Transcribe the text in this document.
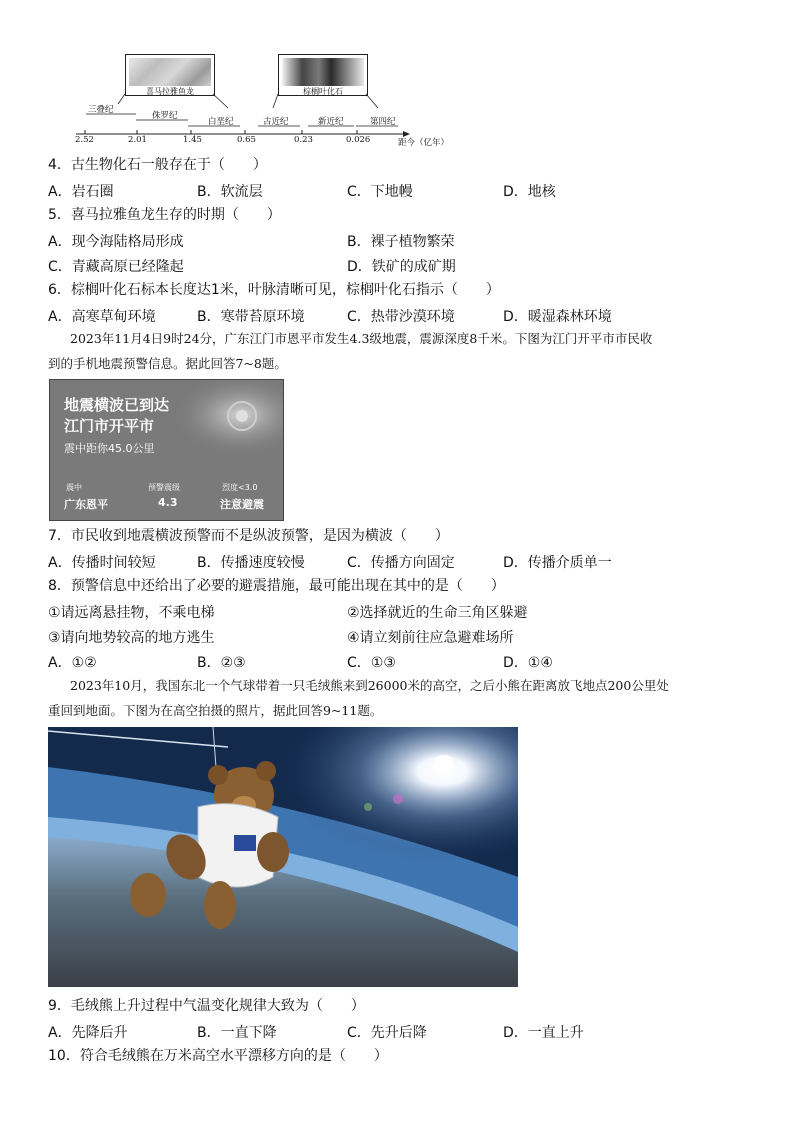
喜马拉雅鱼龙	棕榈叶化石
三叠纪
侏罗纪
白垩纪	古近纪	新近纪	第四纪
2.52	2.01	1.45	0.65	0.23	0.026	距今（亿年）
4．古生物化石一般存在于（　　）
A．岩石圈	B．软流层	C．下地幔	D．地核
5．喜马拉雅鱼龙生存的时期（　　）
A．现今海陆格局形成	B．裸子植物繁荣
C．青藏高原已经隆起	D．铁矿的成矿期
6．棕榈叶化石标本长度达1米，叶脉清晰可见，棕榈叶化石指示（　　）
A．高寒草甸环境	B．寒带苔原环境	C．热带沙漠环境	D．暖湿森林环境
2023年11月4日9时24分，广东江门市恩平市发生4.3级地震，震源深度8千米。下图为江门开平市市民收
到的手机地震预警信息。据此回答7~8题。
地震横波已到达
江门市开平市
震中距你45.0公里
震中
广东恩平
预警震级
4.3
烈度<3.0
注意避震
7．市民收到地震横波预警而不是纵波预警，是因为横波（　　）
A．传播时间较短	B．传播速度较慢	C．传播方向固定	D．传播介质单一
8．预警信息中还给出了必要的避震措施，最可能出现在其中的是（　　）
①请远离悬挂物，不乘电梯	②选择就近的生命三角区躲避
③请向地势较高的地方逃生	④请立刻前往应急避难场所
A．①②	B．②③	C．①③	D．①④
2023年10月，我国东北一个气球带着一只毛绒熊来到26000米的高空，之后小熊在距离放飞地点200公里处
重回到地面。下图为在高空拍摄的照片，据此回答9~11题。
9．毛绒熊上升过程中气温变化规律大致为（　　）
A．先降后升	B．一直下降	C．先升后降	D．一直上升
10．符合毛绒熊在万米高空水平漂移方向的是（　　）
